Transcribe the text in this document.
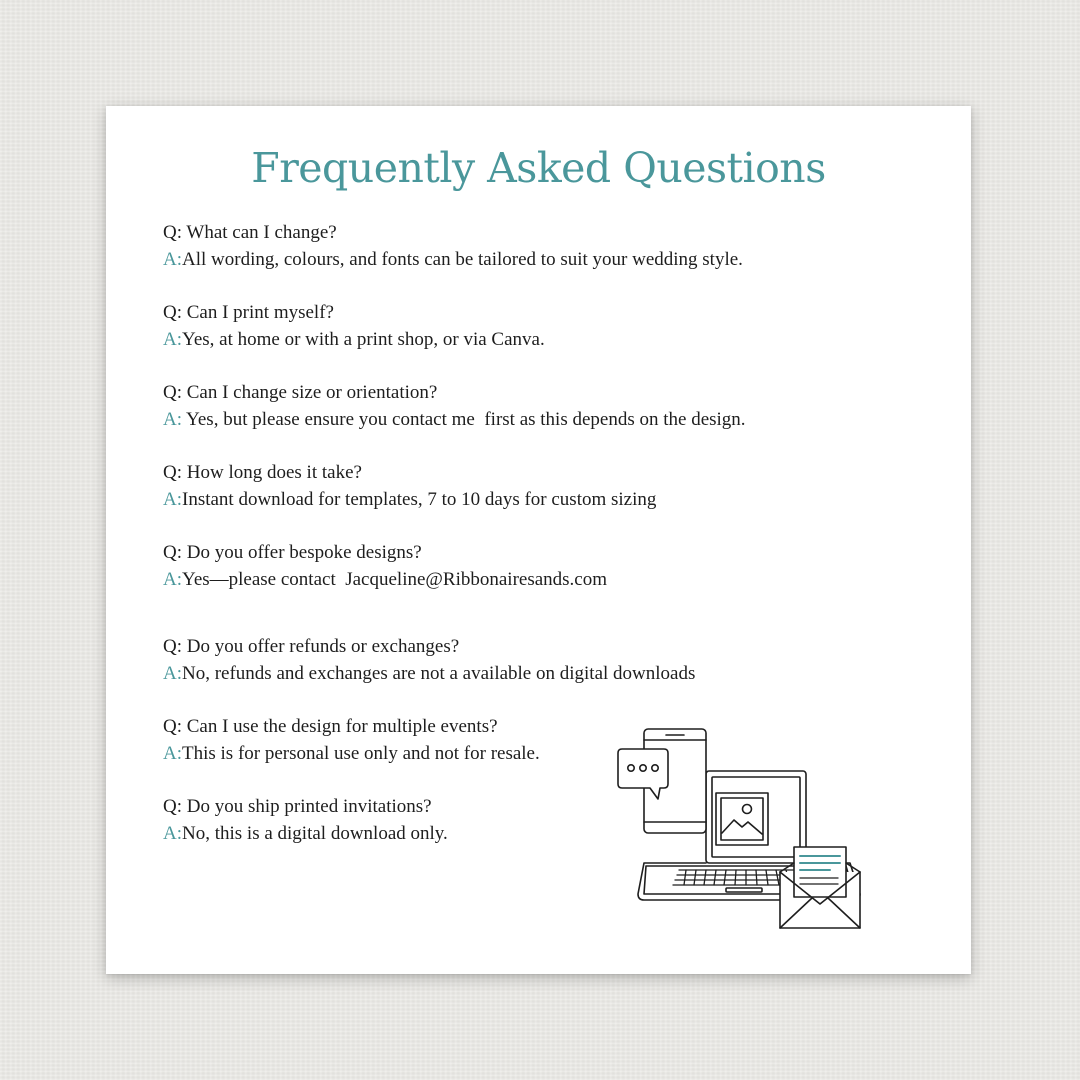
Frequently Asked Questions
Q: What can I change?
A:All wording, colours, and fonts can be tailored to suit your wedding style.
Q: Can I print myself?
A:Yes, at home or with a print shop, or via Canva.
Q: Can I change size or orientation?
A: Yes, but please ensure you contact me  first as this depends on the design.
Q: How long does it take?
A:Instant download for templates, 7 to 10 days for custom sizing
Q: Do you offer bespoke designs?
A:Yes—please contact  Jacqueline@Ribbonairesands.com
Q: Do you offer refunds or exchanges?
A:No, refunds and exchanges are not a available on digital downloads
Q: Can I use the design for multiple events?
A:This is for personal use only and not for resale.
Q: Do you ship printed invitations?
A:No, this is a digital download only.
